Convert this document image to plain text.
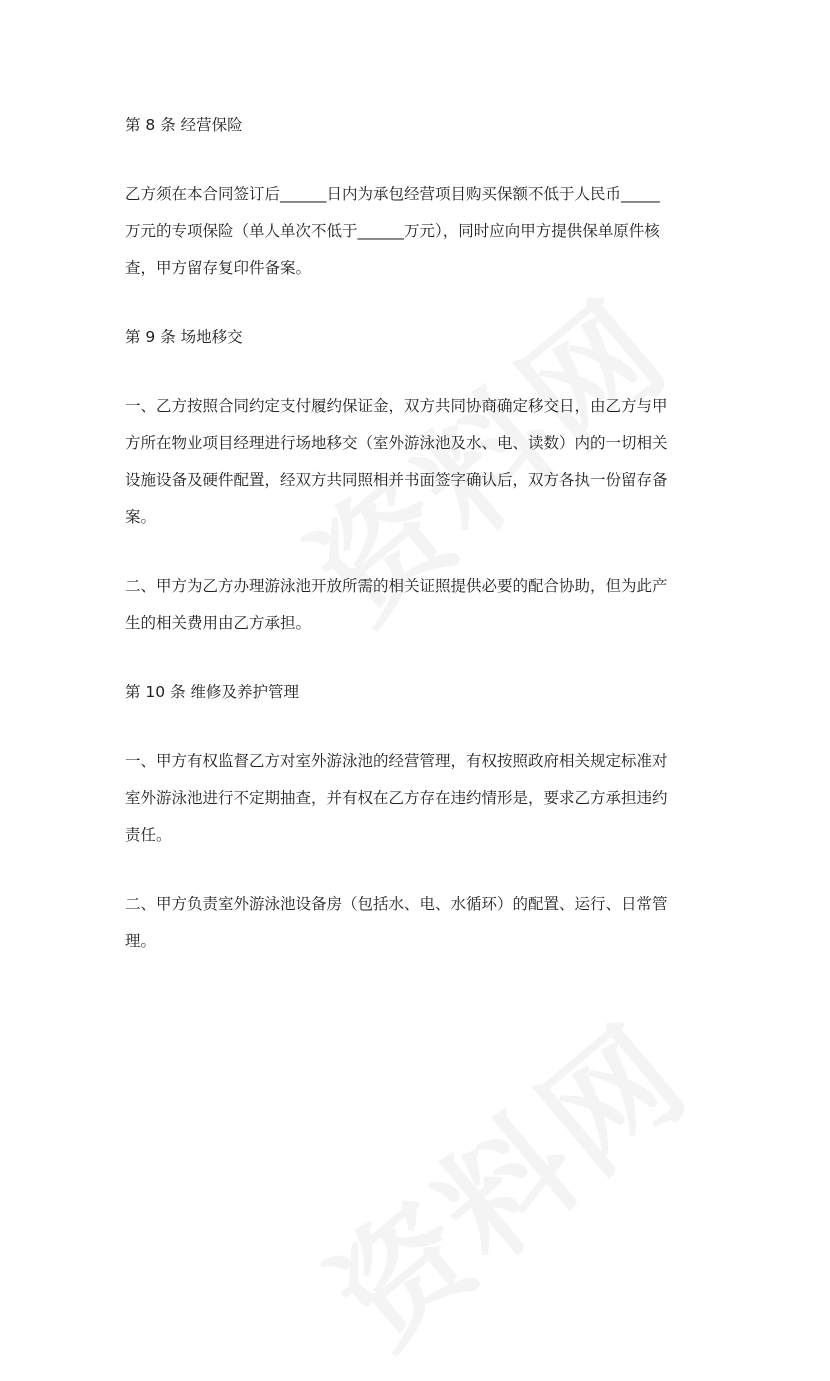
第 8 条 经营保险
乙方须在本合同签订后______日内为承包经营项目购买保额不低于人民币_____
万元的专项保险（单人单次不低于______万元），同时应向甲方提供保单原件核
查，甲方留存复印件备案。
第 9 条 场地移交
一、乙方按照合同约定支付履约保证金，双方共同协商确定移交日，由乙方与甲
方所在物业项目经理进行场地移交（室外游泳池及水、电、读数）内的一切相关
设施设备及硬件配置，经双方共同照相并书面签字确认后，双方各执一份留存备
案。
二、甲方为乙方办理游泳池开放所需的相关证照提供必要的配合协助，但为此产
生的相关费用由乙方承担。
第 10 条 维修及养护管理
一、甲方有权监督乙方对室外游泳池的经营管理，有权按照政府相关规定标准对
室外游泳池进行不定期抽查，并有权在乙方存在违约情形是，要求乙方承担违约
责任。
二、甲方负责室外游泳池设备房（包括水、电、水循环）的配置、运行、日常管
理。
